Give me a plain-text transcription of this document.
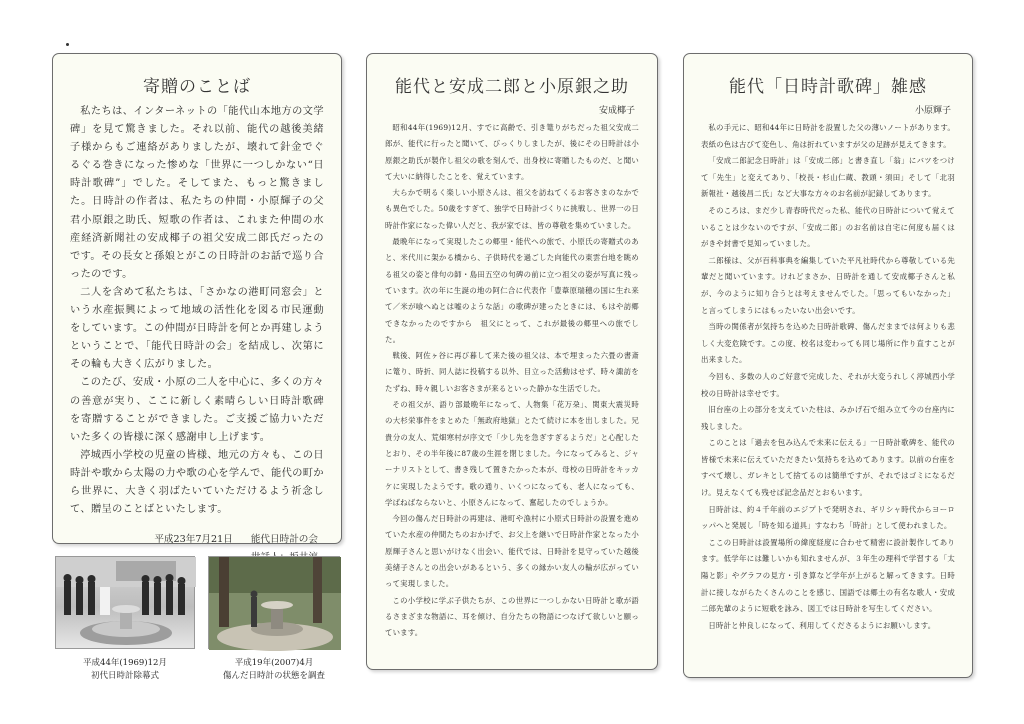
寄贈のことば

私たちは、インターネットの「能代山本地方の文学碑」を見て驚きました。それ以前、能代の越後美緒子様からもご連絡がありましたが、壊れて針金でぐるぐる巻きになった惨めな「世界に一つしかない“日時計歌碑”」でした。そしてまた、もっと驚きました。日時計の作者は、私たちの仲間・小原輝子の父君小原銀之助氏、短歌の作者は、これまた仲間の水産経済新聞社の安成椰子の祖父安成二郎氏だったのです。その長女と孫娘とがこの日時計のお話で巡り合ったのです。

二人を含めて私たちは、「さかなの港町同窓会」という水産振興によって地域の活性化を図る市民運動をしています。この仲間が日時計を何とか再建しようということで、「能代日時計の会」を結成し、次第にその輪も大きく広がりました。

このたび、安成・小原の二人を中心に、多くの方々の善意が実り、ここに新しく素晴らしい日時計歌碑を寄贈することができました。ご支援ご協力いただいた多くの皆様に深く感謝申し上げます。

渟城西小学校の児童の皆様、地元の方々も、この日時計や歌から太陽の力や歌の心を学んで、能代の町から世界に、大きく羽ばたいていただけるよう祈念して、贈呈のことばといたします。

平成23年7月21日 能代日時計の会
平成44年(1969)12月
初代日時計除幕式
平成19年(2007)4月
傷んだ日時計の状態を調査
能代と安成二郎と小原銀之助
安成椰子

昭和44年(1969)12月、すでに高齢で、引き篭りがちだった祖父安成二郎が、能代に行ったと聞いて、びっくりしましたが、後にその日時計は小原銀之助氏が製作し祖父の歌を刻んで、出身校に寄贈したものだ、と聞いて大いに納得したことを、覚えています。

大らかで明るく楽しい小原さんは、祖父を訪ねてくるお客さまのなかでも異色でした。50歳をすぎて、独学で日時計づくりに挑戦し、世界一の日時計作家になった偉い人だと、我が家では、皆の尊敬を集めていました。

最晩年になって実現したこの郷里・能代への旅で、小原氏の寄贈式のあと、米代川に架かる橋から、子供時代を過ごした向能代の東雲台地を眺める祖父の姿と俳句の師・島田五空の句碑の前に立つ祖父の姿が写真に残っています。次の年に生誕の地の阿仁合に代表作「豊葦原瑞穂の国に生れ来て／米が喰へぬとは嘘のような話」の歌碑が建ったときには、もはや訪郷できなかったのですから　祖父にとって、これが最後の郷里への旅でした。

戦後、阿佐ヶ谷に再び暮して来た後の祖父は、本で埋まった六畳の書斎に篭り、時折、同人誌に投稿する以外、目立った活動はせず、時々諏訪をたずね、時々親しいお客さまが来るといった静かな生活でした。

その祖父が、語り部最晩年になって、人物集「花万朶」、関東大震災時の大杉栄事件をまとめた「無政府地獄」とたて続けに本を出しました。兄貴分の友人、荒畑寒村が序文で「少し先を急ぎすぎるようだ」と心配したとおり、その半年後に87歳の生涯を閉じました。今になってみると、ジャーナリストとして、書き残して置きたかった本が、母校の日時計をキッカケに実現したようです。歌の通り、いくつになっても、老人になっても、学ばねばならないと、小原さんになって、奮起したのでしょうか。

今回の傷んだ日時計の再建は、港町や漁村に小原式日時計の設置を進めていた水産の仲間たちのおかげで、お父上を継いで日時計作家となった小原輝子さんと思いがけなく出会い、能代では、日時計を見守っていた越後美緒子さんとの出会いがあるという、多くの縁かい友人の輪が広がっていって実現しました。

この小学校に学ぶ子供たちが、この世界に一つしかない日時計と歌が語るさまざまな物語に、耳を傾け、自分たちの物語につなげて欲しいと願っています。

能代「日時計歌碑」雑感
小原輝子

私の手元に、昭和44年に日時計を設置した父の薄いノートがあります。表紙の色は古びて変色し、角は折れていますが父の足跡が見えてきます。

「安成二郎記念日時計」は「安成二郎」と書き直し「翁」にバツをつけて「先生」と変えてあり、「校長・杉山仁蔵、教頭・須田」そして「北羽新報社・越後昌二氏」など大事な方々のお名前が記録してあります。

そのころは、まだ少し青春時代だった私、能代の日時計について覚えていることは少ないのですが、「安成二郎」のお名前は自宅に何度も届くはがきや封書で見知っていました。

二郎様は、父が百科事典を編集していた平凡社時代から尊敬している先輩だと聞いています。けれどまさか、日時計を通して安成椰子さんと私が、今のように知り合うとは考えませんでした。「思ってもいなかった」と言ってしまうにはもったいない出会いです。

当時の関係者が気持ちを込めた日時計歌碑、傷んだままでは何よりも悲しく大変危険です。この度、校名は変わっても同じ場所に作り直すことが出来ました。

今回も、多数の人のご好意で完成した、それが大変うれしく渟城西小学校の日時計は幸せです。

旧台座の上の部分を支えていた柱は、みかげ石で組み立て今の台座内に残しました。

このことは「過去を包み込んで未来に伝える」一日時計歌碑を、能代の皆様で未来に伝えていただきたい気持ちを込めてあります。以前の台座をすべて壊し、ガレキとして捨てるのは簡単ですが、それではゴミになるだけ。見えなくても残せば記念品だとおもいます。

日時計は、約４千年前のエジプトで発明され、ギリシャ時代からヨーロッパへと発展し「時を知る道具」すなわち「時計」として使われました。

ここの日時計は設置場所の緯度経度に合わせて精密に設計製作してあります。低学年には難しいかも知れませんが、３年生の理科で学習する「太陽と影」やグラフの見方・引き算など学年が上がると解ってきます。日時計に接しながらたくさんのことを感じ、国語では郷土の有名な歌人・安成二郎先輩のように短歌を詠み、図工では日時計を写生してください。

日時計と仲良しになって、利用してくださるようにお願いします。
